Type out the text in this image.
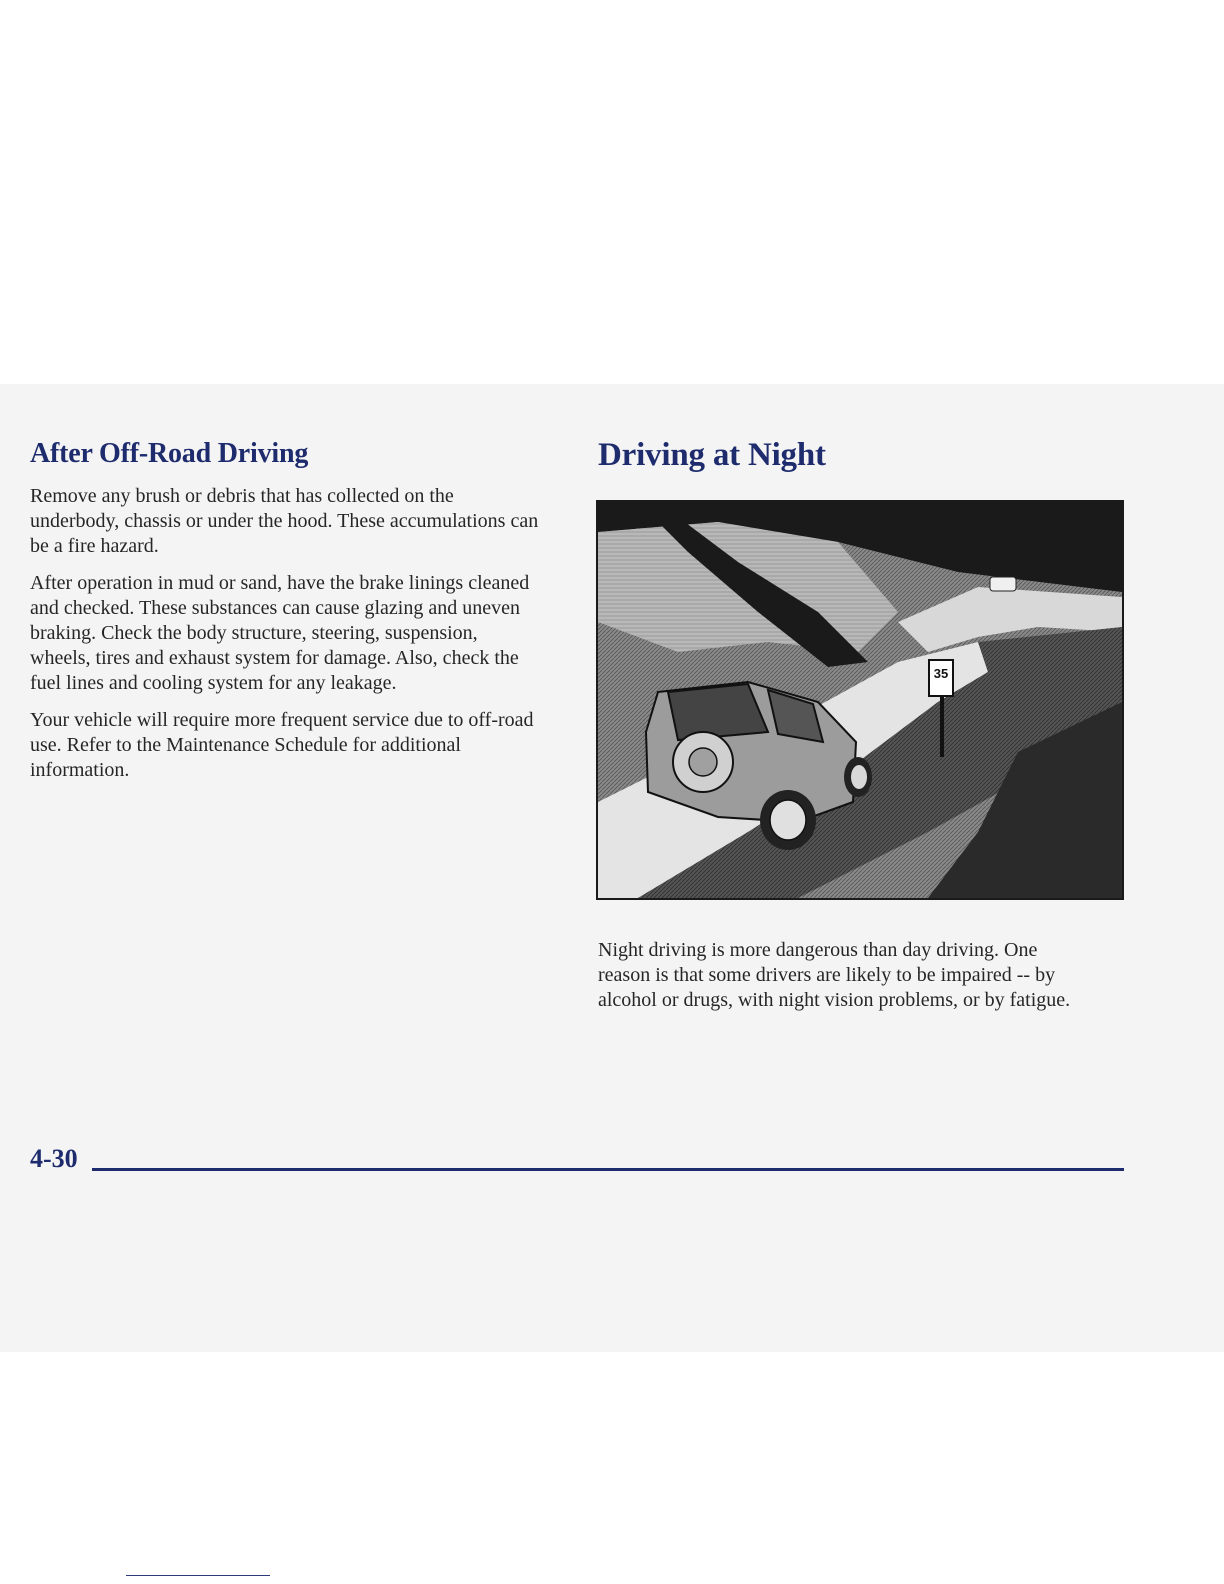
After Off-Road Driving

Remove any brush or debris that has collected on the underbody, chassis or under the hood. These accumulations can be a fire hazard.

After operation in mud or sand, have the brake linings cleaned and checked. These substances can cause glazing and uneven braking. Check the body structure, steering, suspension, wheels, tires and exhaust system for damage. Also, check the fuel lines and cooling system for any leakage.

Your vehicle will require more frequent service due to off-road use. Refer to the Maintenance Schedule for additional information.

Driving at Night
35

Night driving is more dangerous than day driving. One reason is that some drivers are likely to be impaired -- by alcohol or drugs, with night vision problems, or by fatigue.

4-30
